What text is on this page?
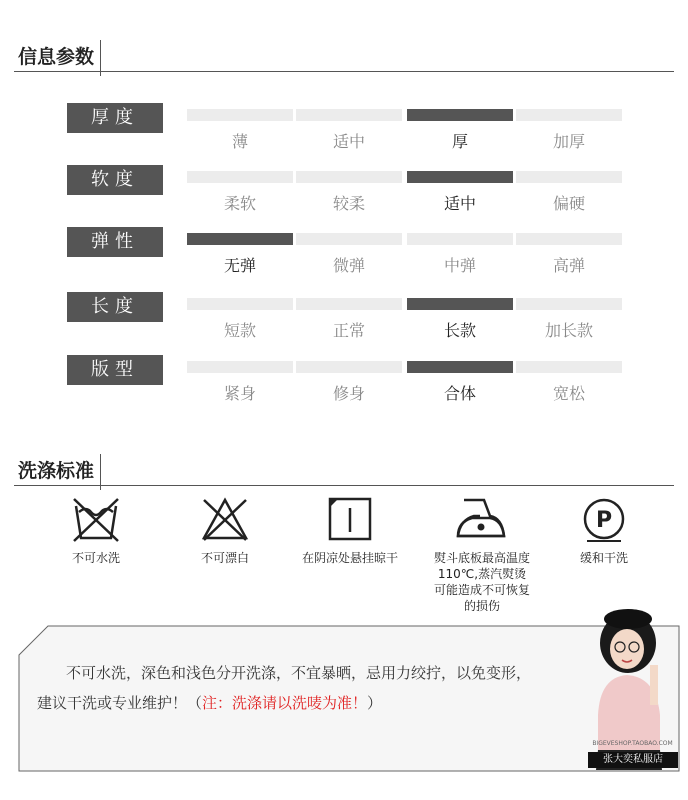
信息参数
厚度
薄	适中	厚	加厚
软度
柔软	较柔	适中	偏硬
弹性
无弹	微弹	中弹	高弹
长度
短款	正常	长款	加长款
版型
紧身	修身	合体	宽松
洗涤标准
不可水洗	不可漂白	在阴凉处悬挂晾干	熨斗底板最高温度110℃,蒸汽熨烫可能造成不可恢复的损伤
P
缓和干洗
不可水洗，深色和浅色分开洗涤，不宜暴晒，忌用力绞拧，以免变形，
建议干洗或专业维护！（注：洗涤请以洗唛为准！）
BIGEVESHOP.TAOBAO.COM
张大奕私服店
